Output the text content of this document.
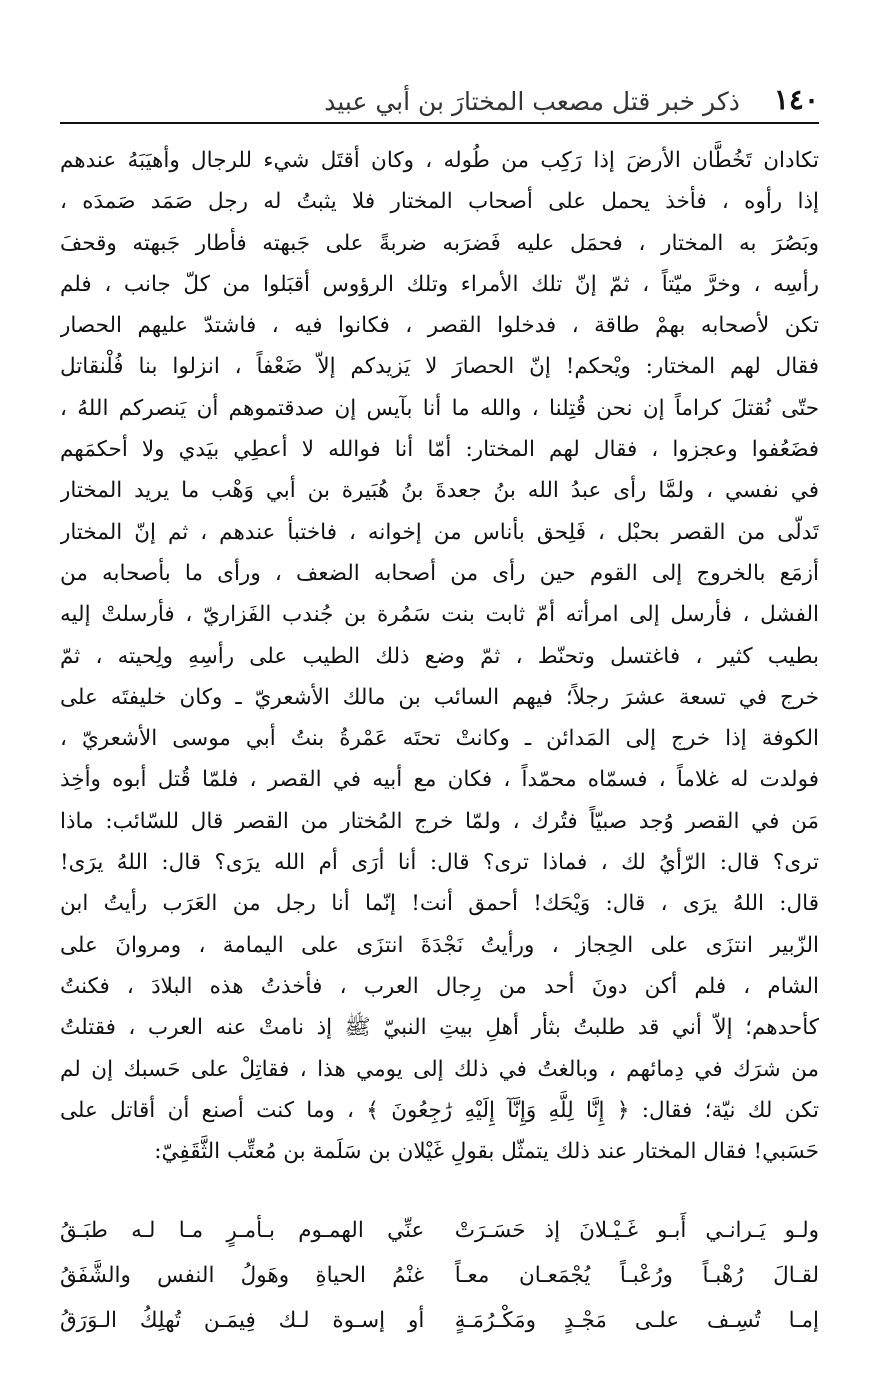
١٤٠
ذكر خبر قتل مصعب المختارَ بن أبي عبيد
تكادان تَخُطَّان الأرضَ إذا رَكِب من طُوله ، وكان أقتَل شيء للرجال وأهيَبَهُ عندهم
إذا رأوه ، فأخذ يحمل على أصحاب المختار فلا يثبتُ له رجل صَمَد صَمدَه ،
وبَصُرَ به المختار ، فحمَل عليه فَضرَبه ضربةً على جَبهته فأطار جَبهته وقحفَ
رأسِه ، وخرَّ ميّتاً ، ثمّ إنّ تلك الأمراء وتلك الرؤوس أقبَلوا من كلّ جانب ، فلم
تكن لأصحابه بهمْ طاقة ، فدخلوا القصر ، فكانوا فيه ، فاشتدّ عليهم الحصار
فقال لهم المختار: ويْحكم! إنّ الحصارَ لا يَزيدكم إلاّ ضَعْفاً ، انزلوا بنا فُلْنقاتل
حتّى نُقتلَ كراماً إن نحن قُتِلنا ، والله ما أنا بآيس إن صدقتموهم أن يَنصركم اللهُ ،
فضَعُفوا وعجزوا ، فقال لهم المختار: أمّا أنا فوالله لا أعطِي بيَدي ولا أحكمَهم
في نفسي ، ولمَّا رأى عبدُ الله بنُ جعدةَ بنُ هُبَيرة بن أبي وَهْب ما يريد المختار
تَدلّى من القصر بحبْل ، فَلِحق بأناس من إخوانه ، فاختبأ عندهم ، ثم إنّ المختار
أزمَع بالخروج إلى القوم حين رأى من أصحابه الضعف ، ورأى ما بأصحابه من
الفشل ، فأرسل إلى امرأته أمّ ثابت بنت سَمُرة بن جُندب الفَزاريّ ، فأرسلتْ إليه
بطيب كثير ، فاغتسل وتحنّط ، ثمّ وضع ذلك الطيب على رأسِهِ ولِحيته ، ثمّ
خرج في تسعة عشرَ رجلاً؛ فيهم السائب بن مالك الأشعريّ ـ وكان خليفتَه على
الكوفة إذا خرج إلى المَدائن ـ وكانتْ تحتَه عَمْرةُ بنتُ أبي موسى الأشعريّ ،
فولدت له غلاماً ، فسمّاه محمّداً ، فكان مع أبيه في القصر ، فلمّا قُتل أبوه وأخِذ
مَن في القصر وُجد صبيّاً فتُرك ، ولمّا خرج المُختار من القصر قال للسّائب: ماذا
ترى؟ قال: الرّأيُ لك ، فماذا ترى؟ قال: أنا أرَى أم الله يرَى؟ قال: اللهُ يرَى!
قال: اللهُ يرَى ، قال: وَيْحَك! أحمق أنت! إنّما أنا رجل من العَرَب رأيتُ ابن
الزّبير انتزَى على الحِجاز ، ورأيتُ نَجْدَةَ انتزَى على اليمامة ، ومروانَ على
الشام ، فلم أكن دونَ أحد من رِجال العرب ، فأخذتُ هذه البلادَ ، فكنتُ
كأحدهم؛ إلاّ أني قد طلبتُ بثأر أهلِ بيتِ النبيّ ﷺ إذ نامتْ عنه العرب ، فقتلتُ
من شرَك في دِمائهم ، وبالغتُ في ذلك إلى يومي هذا ، فقاتِلْ على حَسبك إن لم
تكن لك نيّة؛ فقال: ﴿ إِنَّا لِلَّهِ وَإِنَّآ إِلَيْهِ رَٰجِعُونَ ﴾ ، وما كنت أصنع أن أقاتل على
حَسَبي! فقال المختار عند ذلك يتمثّل بقولِ غَيْلان بن سَلَمة بن مُعتِّب الثَّقَفِيّ:
ولـو يَـرانـي أَبـو غَـيْـلانَ إذ حَسَـرَتْ
عنِّي الهمـوم بـأمـرٍ مـا لـه طبَـقُ
لقـالَ رُهْبـاً ورُعْبـاً يُجْمَعـان معـاً
غنْمُ الحياةِ وهَولُ النفس والشَّفَقُ
إمـا تُسِـف علـى مَجْـدٍ ومَكْـرُمَـةٍ
أو إسـوة لـك فِيمَـن تُهلِكُ الـوَرَقُ
